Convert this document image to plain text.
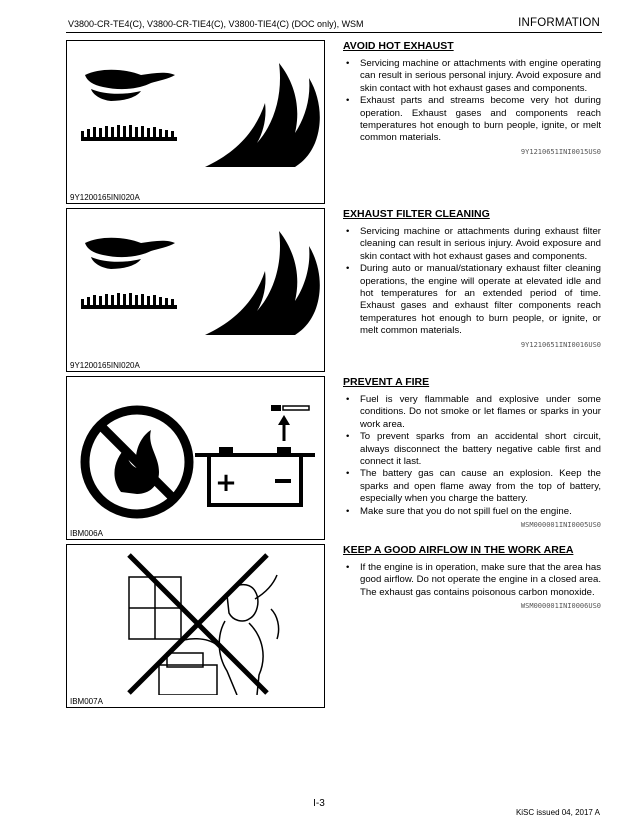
V3800-CR-TE4(C), V3800-CR-TIE4(C), V3800-TIE4(C) (DOC only), WSM	INFORMATION
9Y1200165INI020A
9Y1200165INI020A
+
IBM006A
IBM007A
AVOID HOT EXHAUST
• Servicing machine or attachments with engine operating can result in serious personal injury. Avoid exposure and skin contact with hot exhaust gases and components.
• Exhaust parts and streams become very hot during operation. Exhaust gases and components reach temperatures hot enough to burn people, ignite, or melt common materials.
9Y1210651INI0015US0
EXHAUST FILTER CLEANING
• Servicing machine or attachments during exhaust filter cleaning can result in serious injury. Avoid exposure and skin contact with hot exhaust gases and components.
• During auto or manual/stationary exhaust filter cleaning operations, the engine will operate at elevated idle and hot temperatures for an extended period of time. Exhaust gases and exhaust filter components reach temperatures hot enough to burn people, or ignite, or melt common materials.
9Y1210651INI0016US0
PREVENT A FIRE
• Fuel is very flammable and explosive under some conditions. Do not smoke or let flames or sparks in your work area.
• To prevent sparks from an accidental short circuit, always disconnect the battery negative cable first and connect it last.
• The battery gas can cause an explosion. Keep the sparks and open flame away from the top of battery, especially when you charge the battery.
• Make sure that you do not spill fuel on the engine.
WSM000001INI0005US0
KEEP A GOOD AIRFLOW IN THE WORK AREA
• If the engine is in operation, make sure that the area has good airflow. Do not operate the engine in a closed area. The exhaust gas contains poisonous carbon monoxide.
WSM000001INI0006US0
I-3
KiSC issued 04, 2017 A
